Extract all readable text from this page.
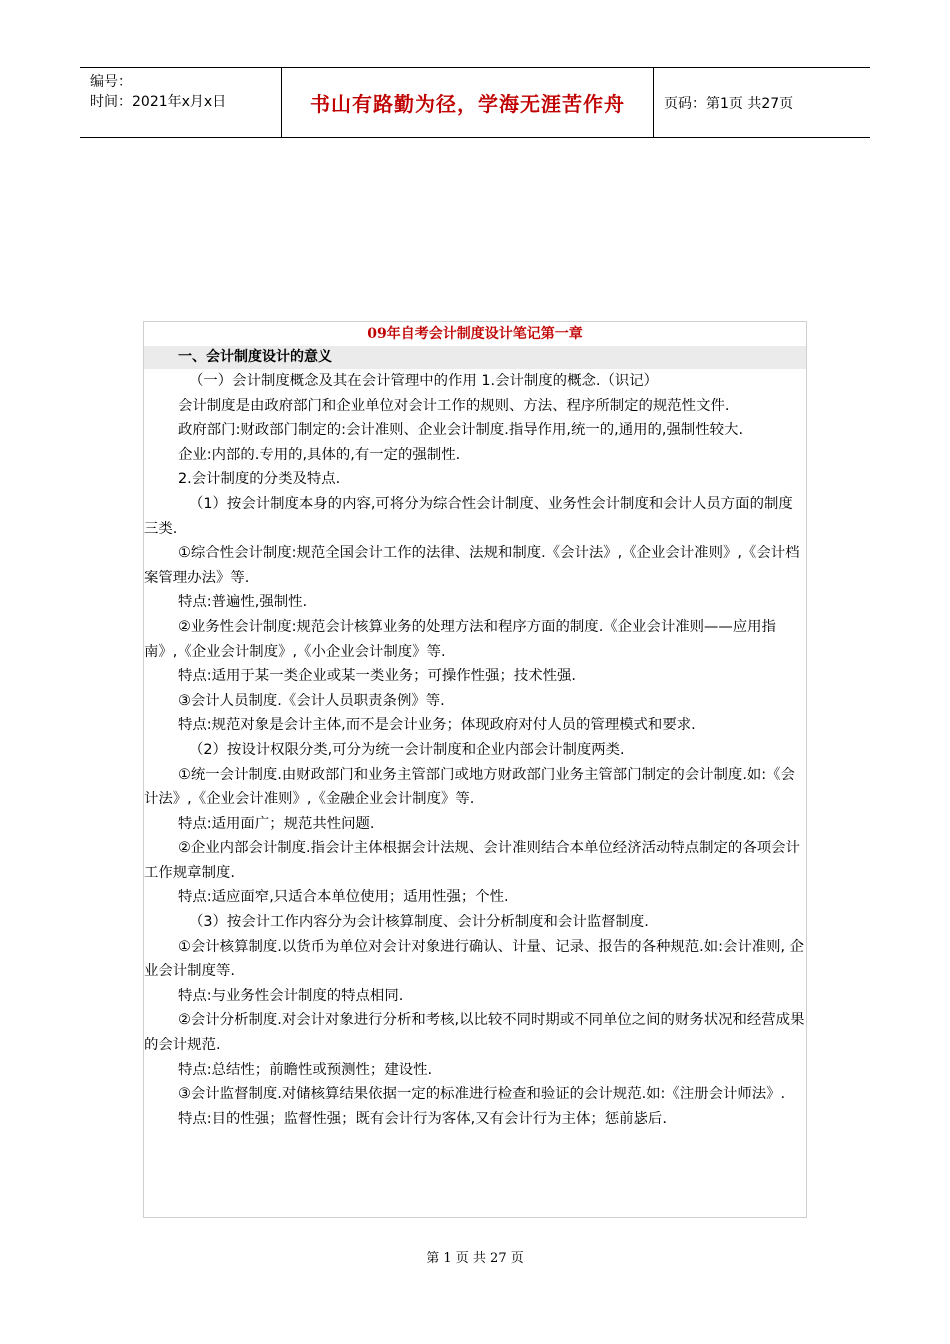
编号：
时间：2021年x月x日	书山有路勤为径，学海无涯苦作舟	页码：第1页 共27页
09年自考会计制度设计笔记第一章
一、会计制度设计的意义

（一）会计制度概念及其在会计管理中的作用 1.会计制度的概念.（识记）

会计制度是由政府部门和企业单位对会计工作的规则、方法、程序所制定的规范性文件.

政府部门:财政部门制定的:会计准则、企业会计制度.指导作用,统一的,通用的,强制性较大.

企业:内部的.专用的,具体的,有一定的强制性.

2.会计制度的分类及特点.

（1）按会计制度本身的内容,可将分为综合性会计制度、业务性会计制度和会计人员方面的制度三类.

①综合性会计制度:规范全国会计工作的法律、法规和制度.《会计法》,《企业会计准则》,《会计档案管理办法》等.

特点:普遍性,强制性.

②业务性会计制度:规范会计核算业务的处理方法和程序方面的制度.《企业会计准则——应用指南》,《企业会计制度》,《小企业会计制度》等.

特点:适用于某一类企业或某一类业务；可操作性强；技术性强.

③会计人员制度.《会计人员职责条例》等.

特点:规范对象是会计主体,而不是会计业务；体现政府对付人员的管理模式和要求.

（2）按设计权限分类,可分为统一会计制度和企业内部会计制度两类.

①统一会计制度.由财政部门和业务主管部门或地方财政部门业务主管部门制定的会计制度.如:《会计法》,《企业会计准则》,《金融企业会计制度》等.

特点:适用面广；规范共性问题.

②企业内部会计制度.指会计主体根据会计法规、会计准则结合本单位经济活动特点制定的各项会计工作规章制度.

特点:适应面窄,只适合本单位使用；适用性强；个性.

（3）按会计工作内容分为会计核算制度、会计分析制度和会计监督制度.

①会计核算制度.以货币为单位对会计对象进行确认、计量、记录、报告的各种规范.如:会计准则, 企业会计制度等.

特点:与业务性会计制度的特点相同.

②会计分析制度.对会计对象进行分析和考核,以比较不同时期或不同单位之间的财务状况和经营成果的会计规范.

特点:总结性；前瞻性或预测性；建设性.

③会计监督制度.对储核算结果依据一定的标准进行检查和验证的会计规范.如:《注册会计师法》.

特点:目的性强；监督性强；既有会计行为客体,又有会计行为主体；惩前毖后.

第 1 页 共 27 页
